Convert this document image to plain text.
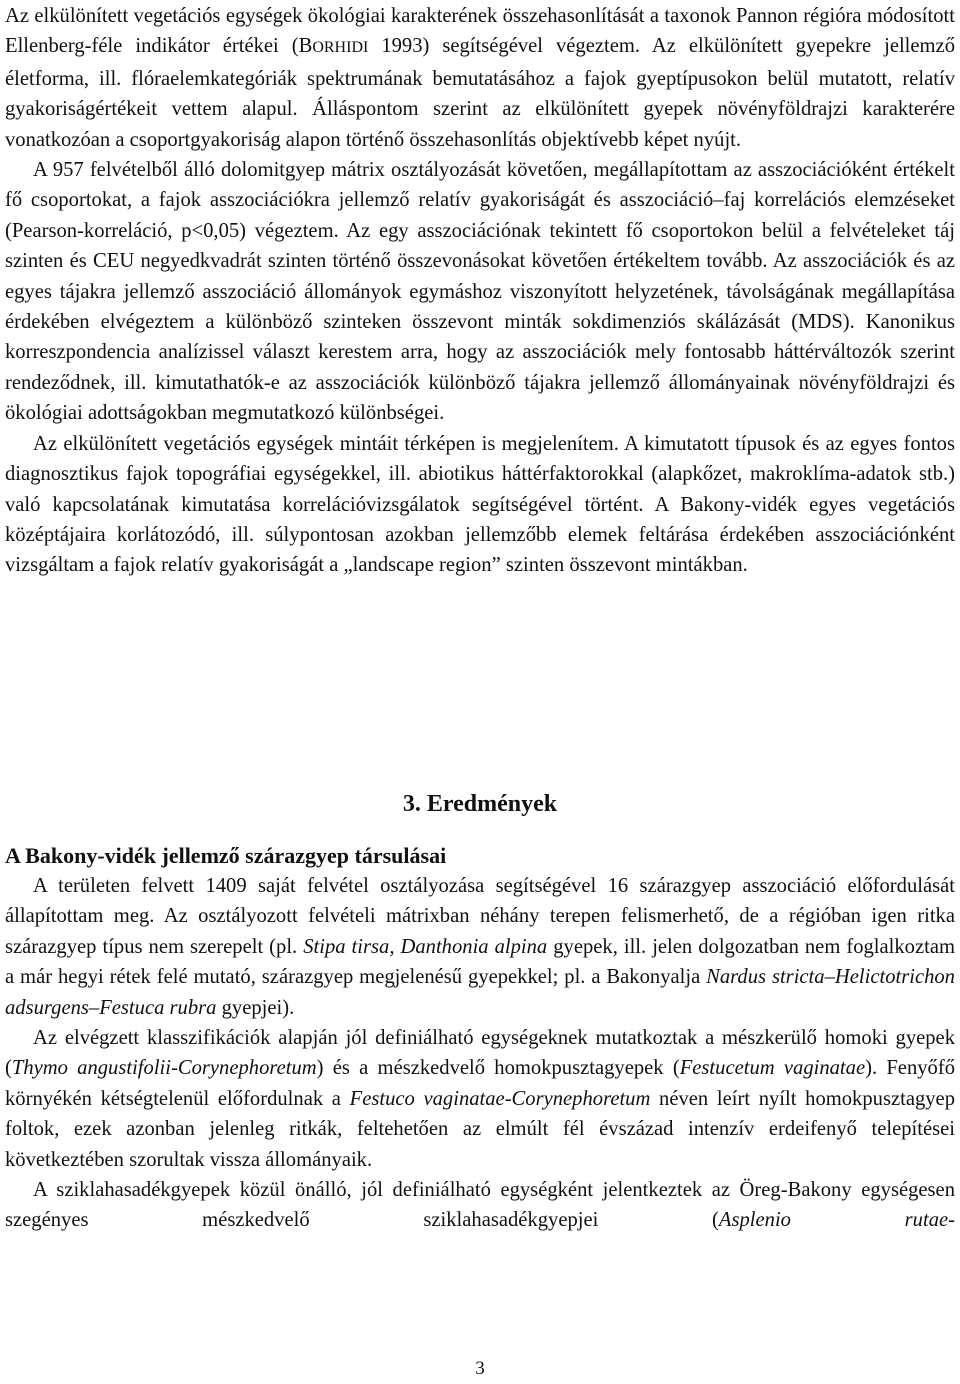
Az elkülönített vegetációs egységek ökológiai karakterének összehasonlítását a taxonok Pannon régióra módosított Ellenberg-féle indikátor értékei (BORHIDI 1993) segítségével végeztem. Az elkülönített gyepekre jellemző életforma, ill. flóraelemkategóriák spektrumának bemutatásához a fajok gyeptípusokon belül mutatott, relatív gyakoriságértékeit vettem alapul. Álláspontom szerint az elkülönített gyepek növényföldrajzi karakterére vonatkozóan a csoportgyakoriság alapon történő összehasonlítás objektívebb képet nyújt.

A 957 felvételből álló dolomitgyep mátrix osztályozását követően, megállapítottam az asszociációként értékelt fő csoportokat, a fajok asszociációkra jellemző relatív gyakoriságát és asszociáció–faj korrelációs elemzéseket (Pearson-korreláció, p<0,05) végeztem. Az egy asszociációnak tekintett fő csoportokon belül a felvételeket táj szinten és CEU negyedkvadrát szinten történő összevonásokat követően értékeltem tovább. Az asszociációk és az egyes tájakra jellemző asszociáció állományok egymáshoz viszonyított helyzetének, távolságának megállapítása érdekében elvégeztem a különböző szinteken összevont minták sokdimenziós skálázását (MDS). Kanonikus korreszpondencia analízissel választ kerestem arra, hogy az asszociációk mely fontosabb háttérváltozók szerint rendeződnek, ill. kimutathatók-e az asszociációk különböző tájakra jellemző állományainak növényföldrajzi és ökológiai adottságokban megmutatkozó különbségei.

Az elkülönített vegetációs egységek mintáit térképen is megjelenítem. A kimutatott típusok és az egyes fontos diagnosztikus fajok topográfiai egységekkel, ill. abiotikus háttérfaktorokkal (alapkőzet, makroklíma-adatok stb.) való kapcsolatának kimutatása korrelációvizsgálatok segítségével történt. A Bakony-vidék egyes vegetációs középtájaira korlátozódó, ill. súlypontosan azokban jellemzőbb elemek feltárása érdekében asszociációnként vizsgáltam a fajok relatív gyakoriságát a „landscape region” szinten összevont mintákban.

3. Eredmények
A Bakony-vidék jellemző szárazgyep társulásai

A területen felvett 1409 saját felvétel osztályozása segítségével 16 szárazgyep asszociáció előfordulását állapítottam meg. Az osztályozott felvételi mátrixban néhány terepen felismerhető, de a régióban igen ritka szárazgyep típus nem szerepelt (pl. Stipa tirsa, Danthonia alpina gyepek, ill. jelen dolgozatban nem foglalkoztam a már hegyi rétek felé mutató, szárazgyep megjelenésű gyepekkel; pl. a Bakonyalja Nardus stricta–Helictotrichon adsurgens–Festuca rubra gyepjei).

Az elvégzett klasszifikációk alapján jól definiálható egységeknek mutatkoztak a mészkerülő homoki gyepek (Thymo angustifolii-Corynephoretum) és a mészkedvelő homokpusztagyepek (Festucetum vaginatae). Fenyőfő környékén kétségtelenül előfordulnak a Festuco vaginatae-Corynephoretum néven leírt nyílt homokpusztagyep foltok, ezek azonban jelenleg ritkák, feltehetően az elmúlt fél évszázad intenzív erdeifenyő telepítései következtében szorultak vissza állományaik.

A sziklahasadékgyepek közül önálló, jól definiálható egységként jelentkeztek az Öreg-Bakony egységesen szegényes mészkedvelő sziklahasadékgyepjei (Asplenio rutae-

3
